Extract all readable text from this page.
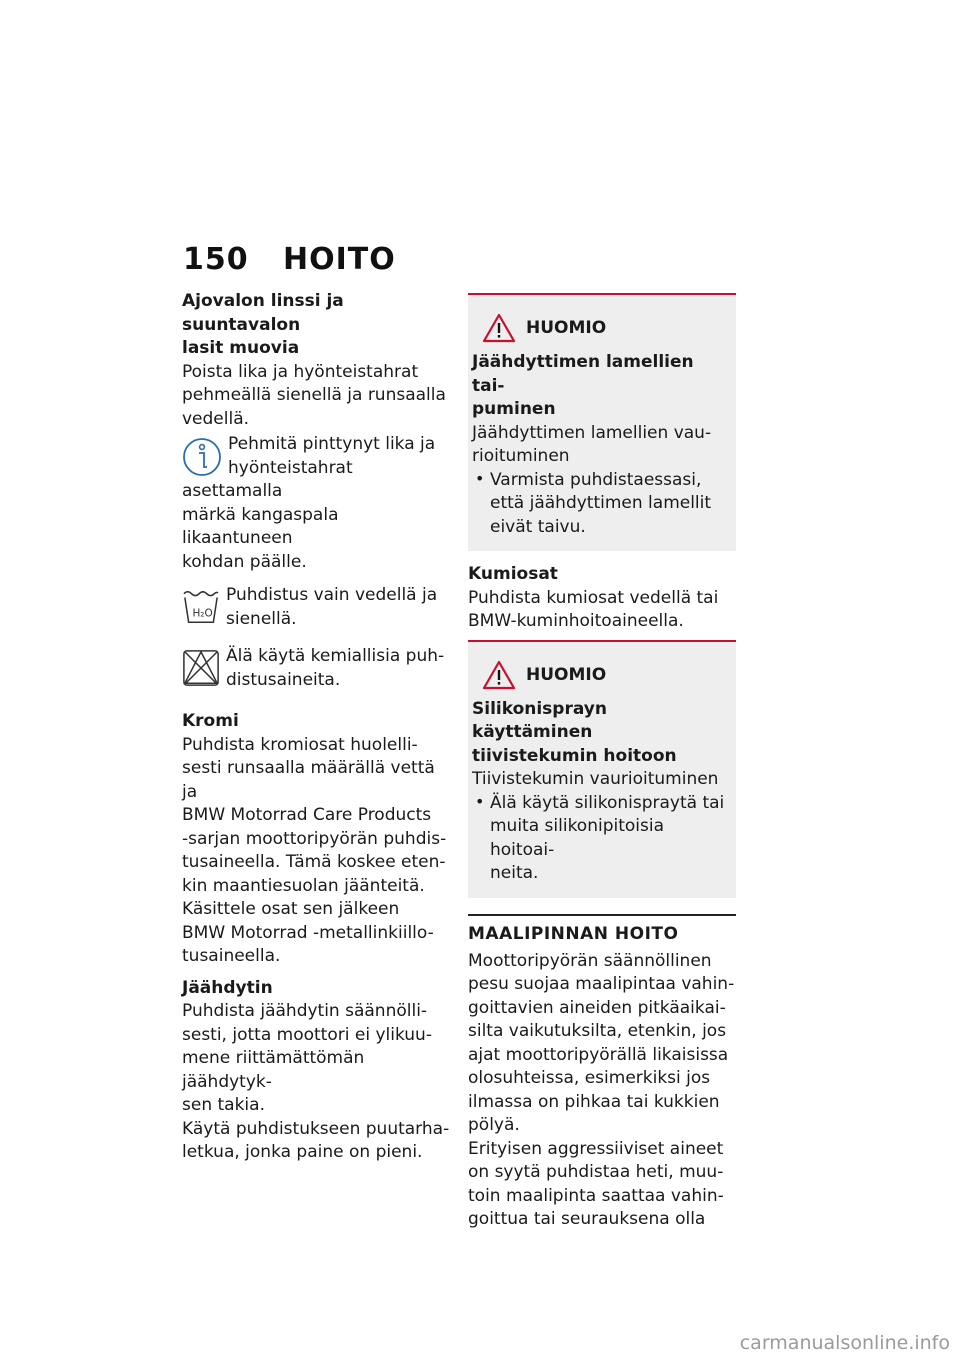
150 HOITO

Ajovalon linssi ja suuntavalon

lasit muovia

Poista lika ja hyönteistahrat

pehmeällä sienellä ja runsaalla

vedellä.

Pehmitä pinttynyt lika ja

hyönteistahrat asettamalla

märkä kangaspala likaantuneen

kohdan päälle.

H₂O

Puhdistus vain vedellä ja

sienellä.

Älä käytä kemiallisia puh-

distusaineita.

Kromi

Puhdista kromiosat huolelli-

sesti runsaalla määrällä vettä ja

BMW Motorrad Care Products

-sarjan moottoripyörän puhdis-

tusaineella. Tämä koskee eten-

kin maantiesuolan jäänteitä.

Käsittele osat sen jälkeen

BMW Motorrad -metallinkiillo-

tusaineella.

Jäähdytin

Puhdista jäähdytin säännölli-

sesti, jotta moottori ei ylikuu-

mene riittämättömän jäähdytyk-

sen takia.

Käytä puhdistukseen puutarha-

letkua, jonka paine on pieni.

HUOMIO

Jäähdyttimen lamellien tai-

puminen

Jäähdyttimen lamellien vau-

rioituminen

• Varmista puhdistaessasi,

että jäähdyttimen lamellit

eivät taivu.

Kumiosat

Puhdista kumiosat vedellä tai

BMW-kuminhoitoaineella.

HUOMIO

Silikonisprayn käyttäminen

tiivistekumin hoitoon

Tiivistekumin vaurioituminen

• Älä käytä silikonispraytä tai

muita silikonipitoisia hoitoai-

neita.

MAALIPINNAN HOITO

Moottoripyörän säännöllinen

pesu suojaa maalipintaa vahin-

goittavien aineiden pitkäaikai-

silta vaikutuksilta, etenkin, jos

ajat moottoripyörällä likaisissa

olosuhteissa, esimerkiksi jos

ilmassa on pihkaa tai kukkien

pölyä.

Erityisen aggressiiviset aineet

on syytä puhdistaa heti, muu-

toin maalipinta saattaa vahin-

goittua tai seurauksena olla

carmanualsonline.info
